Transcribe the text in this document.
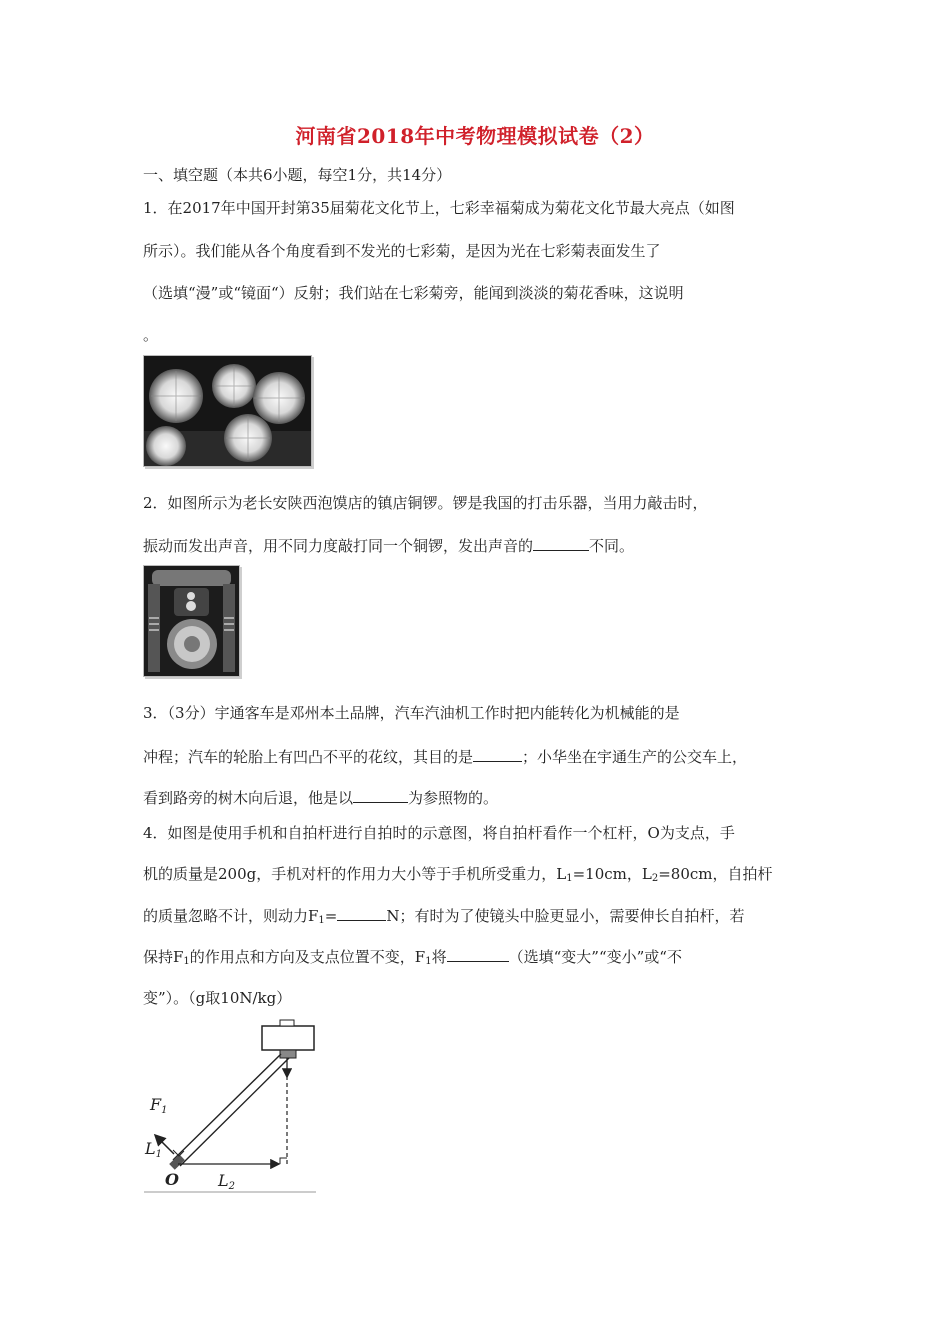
河南省2018年中考物理模拟试卷（2）
一、填空题（本共6小题，每空1分，共14分）
1．在2017年中国开封第35届菊花文化节上，七彩幸福菊成为菊花文化节最大亮点（如图
所示）。我们能从各个角度看到不发光的七彩菊，是因为光在七彩菊表面发生了
（选填“漫”或“镜面“）反射；我们站在七彩菊旁，能闻到淡淡的菊花香味，这说明
。
2．如图所示为老长安陕西泡馍店的镇店铜锣。锣是我国的打击乐器，当用力敲击时，
振动而发出声音，用不同力度敲打同一个铜锣，发出声音的	不同。
3．（3分）宇通客车是邓州本土品牌，汽车汽油机工作时把内能转化为机械能的是
冲程；汽车的轮胎上有凹凸不平的花纹，其目的是	；小华坐在宇通生产的公交车上，
看到路旁的树木向后退，他是以	为参照物的。
4．如图是使用手机和自拍杆进行自拍时的示意图，将自拍杆看作一个杠杆，O为支点，手
机的质量是200g，手机对杆的作用力大小等于手机所受重力，$L_1=10cm$，$L_2=80cm$，自拍杆
的质量忽略不计，则动力$F_1=$	N；有时为了使镜头中脸更显小，需要伸长自拍杆，若
保持$F_1$的作用点和方向及支点位置不变，$F_1$将	（选填“变大”“变小”或“不
变”）。（g取10N/kg）
F1
L1
O L2
